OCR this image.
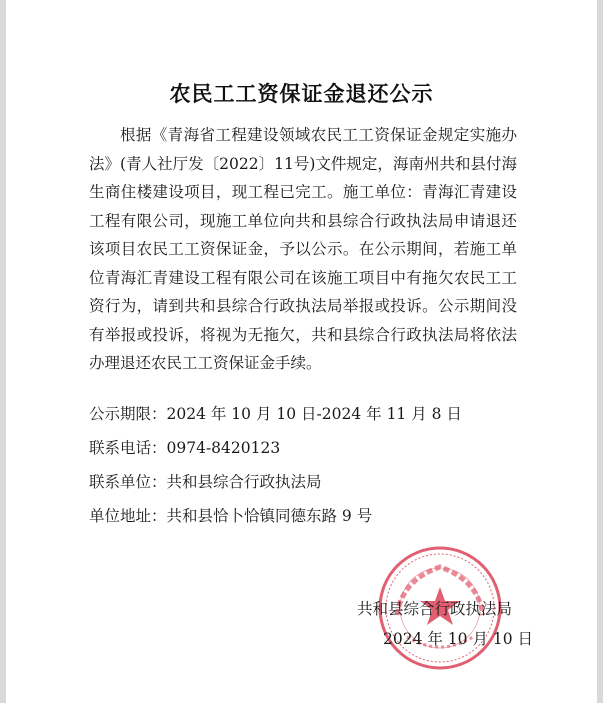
农民工工资保证金退还公示

根据《青海省工程建设领域农民工工资保证金规定实施办法》(青人社厅发〔2022〕11号)文件规定，海南州共和县付海生商住楼建设项目，现工程已完工。施工单位：青海汇青建设工程有限公司，现施工单位向共和县综合行政执法局申请退还该项目农民工工资保证金，予以公示。在公示期间，若施工单位青海汇青建设工程有限公司在该施工项目中有拖欠农民工工资行为，请到共和县综合行政执法局举报或投诉。公示期间没有举报或投诉，将视为无拖欠，共和县综合行政执法局将依法办理退还农民工工资保证金手续。

公示期限：2024 年 10 月 10 日-2024 年 11 月 8 日
联系电话：0974-8420123
联系单位：共和县综合行政执法局
单位地址：共和县恰卜恰镇同德东路 9 号
共和县综合行政执法局
2024 年 10 月 10 日
